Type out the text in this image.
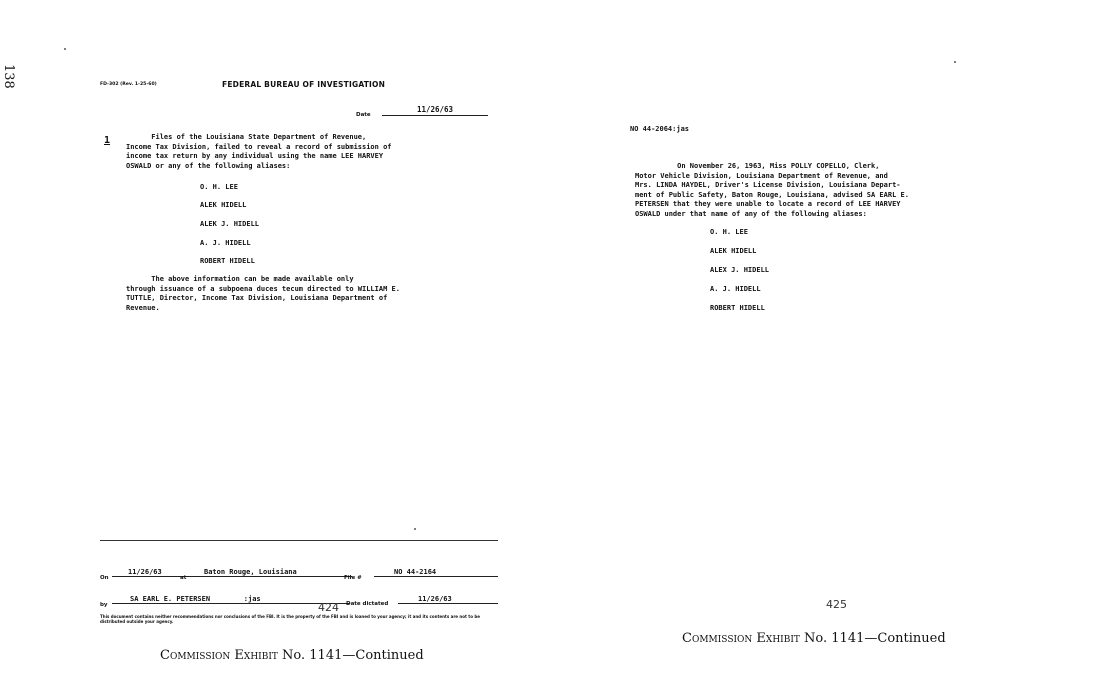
138	FD-302 (Rev. 1-25-60)	FEDERAL BUREAU OF INVESTIGATION
Date
11/26/63
1	Files of the Louisiana State Department of Revenue,
Income Tax Division, failed to reveal a record of submission of
income tax return by any individual using the name LEE HARVEY
OSWALD or any of the following aliases:
O. H. LEE
ALEK HIDELL
ALEK J. HIDELL
A. J. HIDELL
ROBERT HIDELL
The above information can be made available only
through issuance of a subpoena duces tecum directed to WILLIAM E.
TUTTLE, Director, Income Tax Division, Louisiana Department of
Revenue.
On
11/26/63
at
Baton Rouge, Louisiana
File #
NO 44-2164
by
SA EARL E. PETERSEN        :jas
Date dictated
11/26/63
424
This document contains neither recommendations nor conclusions of the FBI. It is the property of the FBI and is loaned to your agency; it and its contents are not to be distributed outside your agency.
Commission Exhibit No. 1141—Continued
NO 44-2064:jas
On November 26, 1963, Miss POLLY COPELLO, Clerk,
Motor Vehicle Division, Louisiana Department of Revenue, and
Mrs. LINDA HAYDEL, Driver's License Division, Louisiana Depart-
ment of Public Safety, Baton Rouge, Louisiana, advised SA EARL E.
PETERSEN that they were unable to locate a record of LEE HARVEY
OSWALD under that name of any of the following aliases:
O. H. LEE
ALEK HIDELL
ALEX J. HIDELL
A. J. HIDELL
ROBERT HIDELL
425
Commission Exhibit No. 1141—Continued
